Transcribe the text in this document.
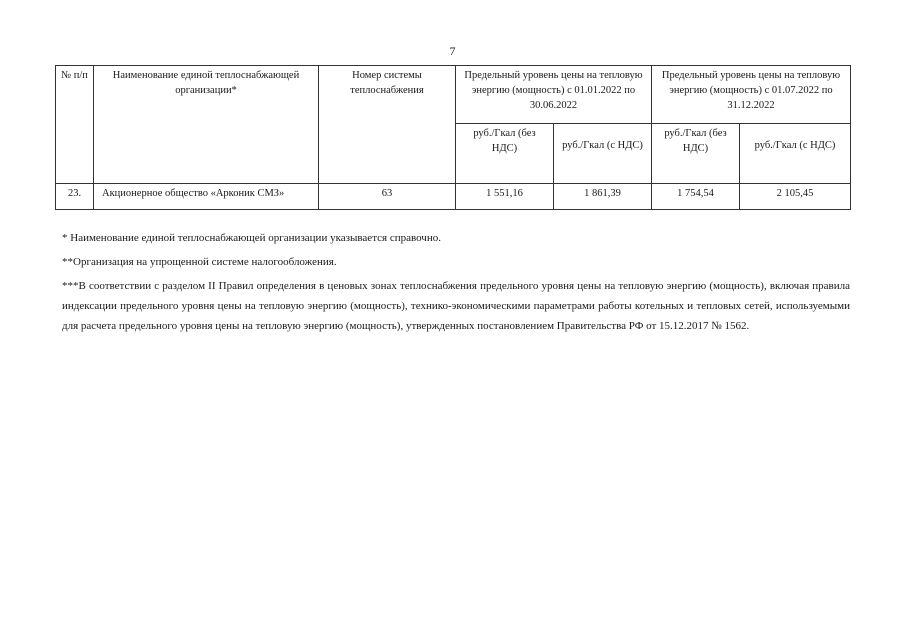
7
№ п/п	Наименование единой теплоснабжающей организации*	Номер системы теплоснабжения	Предельный уровень цены на тепловую энергию (мощность) с 01.01.2022 по 30.06.2022		Предельный уровень цены на тепловую энергию (мощность) с 01.07.2022 по 31.12.2022	
			руб./Гкал (без НДС)	руб./Гкал (с НДС)	руб./Гкал (без НДС)	руб./Гкал (с НДС)

23.	Акционерное общество «Арконик СМЗ»	63	1 551,16	1 861,39	1 754,54	2 105,45

* Наименование единой теплоснабжающей организации указывается справочно.

**Организация на упрощенной системе налогообложения.

***В соответствии с разделом II Правил определения в ценовых зонах теплоснабжения предельного уровня цены на тепловую энергию (мощность), включая правила индексации предельного уровня цены на тепловую энергию (мощность), технико-экономическими параметрами работы котельных и тепловых сетей, используемыми для расчета предельного уровня цены на тепловую энергию (мощность), утвержденных постановлением Правительства РФ от 15.12.2017 № 1562.
